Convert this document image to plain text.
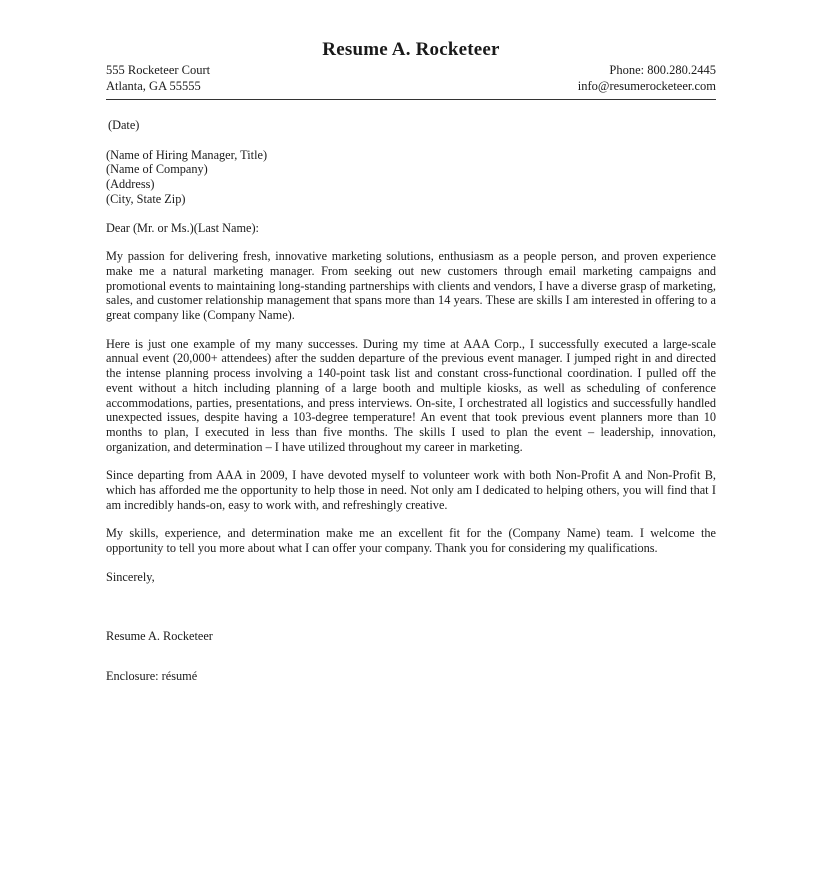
Resume A. Rocketeer
555 Rocketeer Court	Phone: 800.280.2445
Atlanta, GA 55555	info@resumerocketeer.com
(Date)
(Name of Hiring Manager, Title)
(Name of Company)
(Address)
(City, State Zip)
Dear (Mr. or Ms.)(Last Name):

My passion for delivering fresh, innovative marketing solutions, enthusiasm as a people person, and proven experience make me a natural marketing manager. From seeking out new customers through email marketing campaigns and promotional events to maintaining long-standing partnerships with clients and vendors, I have a diverse grasp of marketing, sales, and customer relationship management that spans more than 14 years. These are skills I am interested in offering to a great company like (Company Name).

Here is just one example of my many successes. During my time at AAA Corp., I successfully executed a large-scale annual event (20,000+ attendees) after the sudden departure of the previous event manager. I jumped right in and directed the intense planning process involving a 140-point task list and constant cross-functional coordination. I pulled off the event without a hitch including planning of a large booth and multiple kiosks, as well as scheduling of conference accommodations, parties, presentations, and press interviews. On-site, I orchestrated all logistics and successfully handled unexpected issues, despite having a 103-degree temperature! An event that took previous event planners more than 10 months to plan, I executed in less than five months. The skills I used to plan the event – leadership, innovation, organization, and determination – I have utilized throughout my career in marketing.

Since departing from AAA in 2009, I have devoted myself to volunteer work with both Non-Profit A and Non-Profit B, which has afforded me the opportunity to help those in need. Not only am I dedicated to helping others, you will find that I am incredibly hands-on, easy to work with, and refreshingly creative.

My skills, experience, and determination make me an excellent fit for the (Company Name) team. I welcome the opportunity to tell you more about what I can offer your company. Thank you for considering my qualifications.

Sincerely,
Resume A. Rocketeer
Enclosure: résumé
